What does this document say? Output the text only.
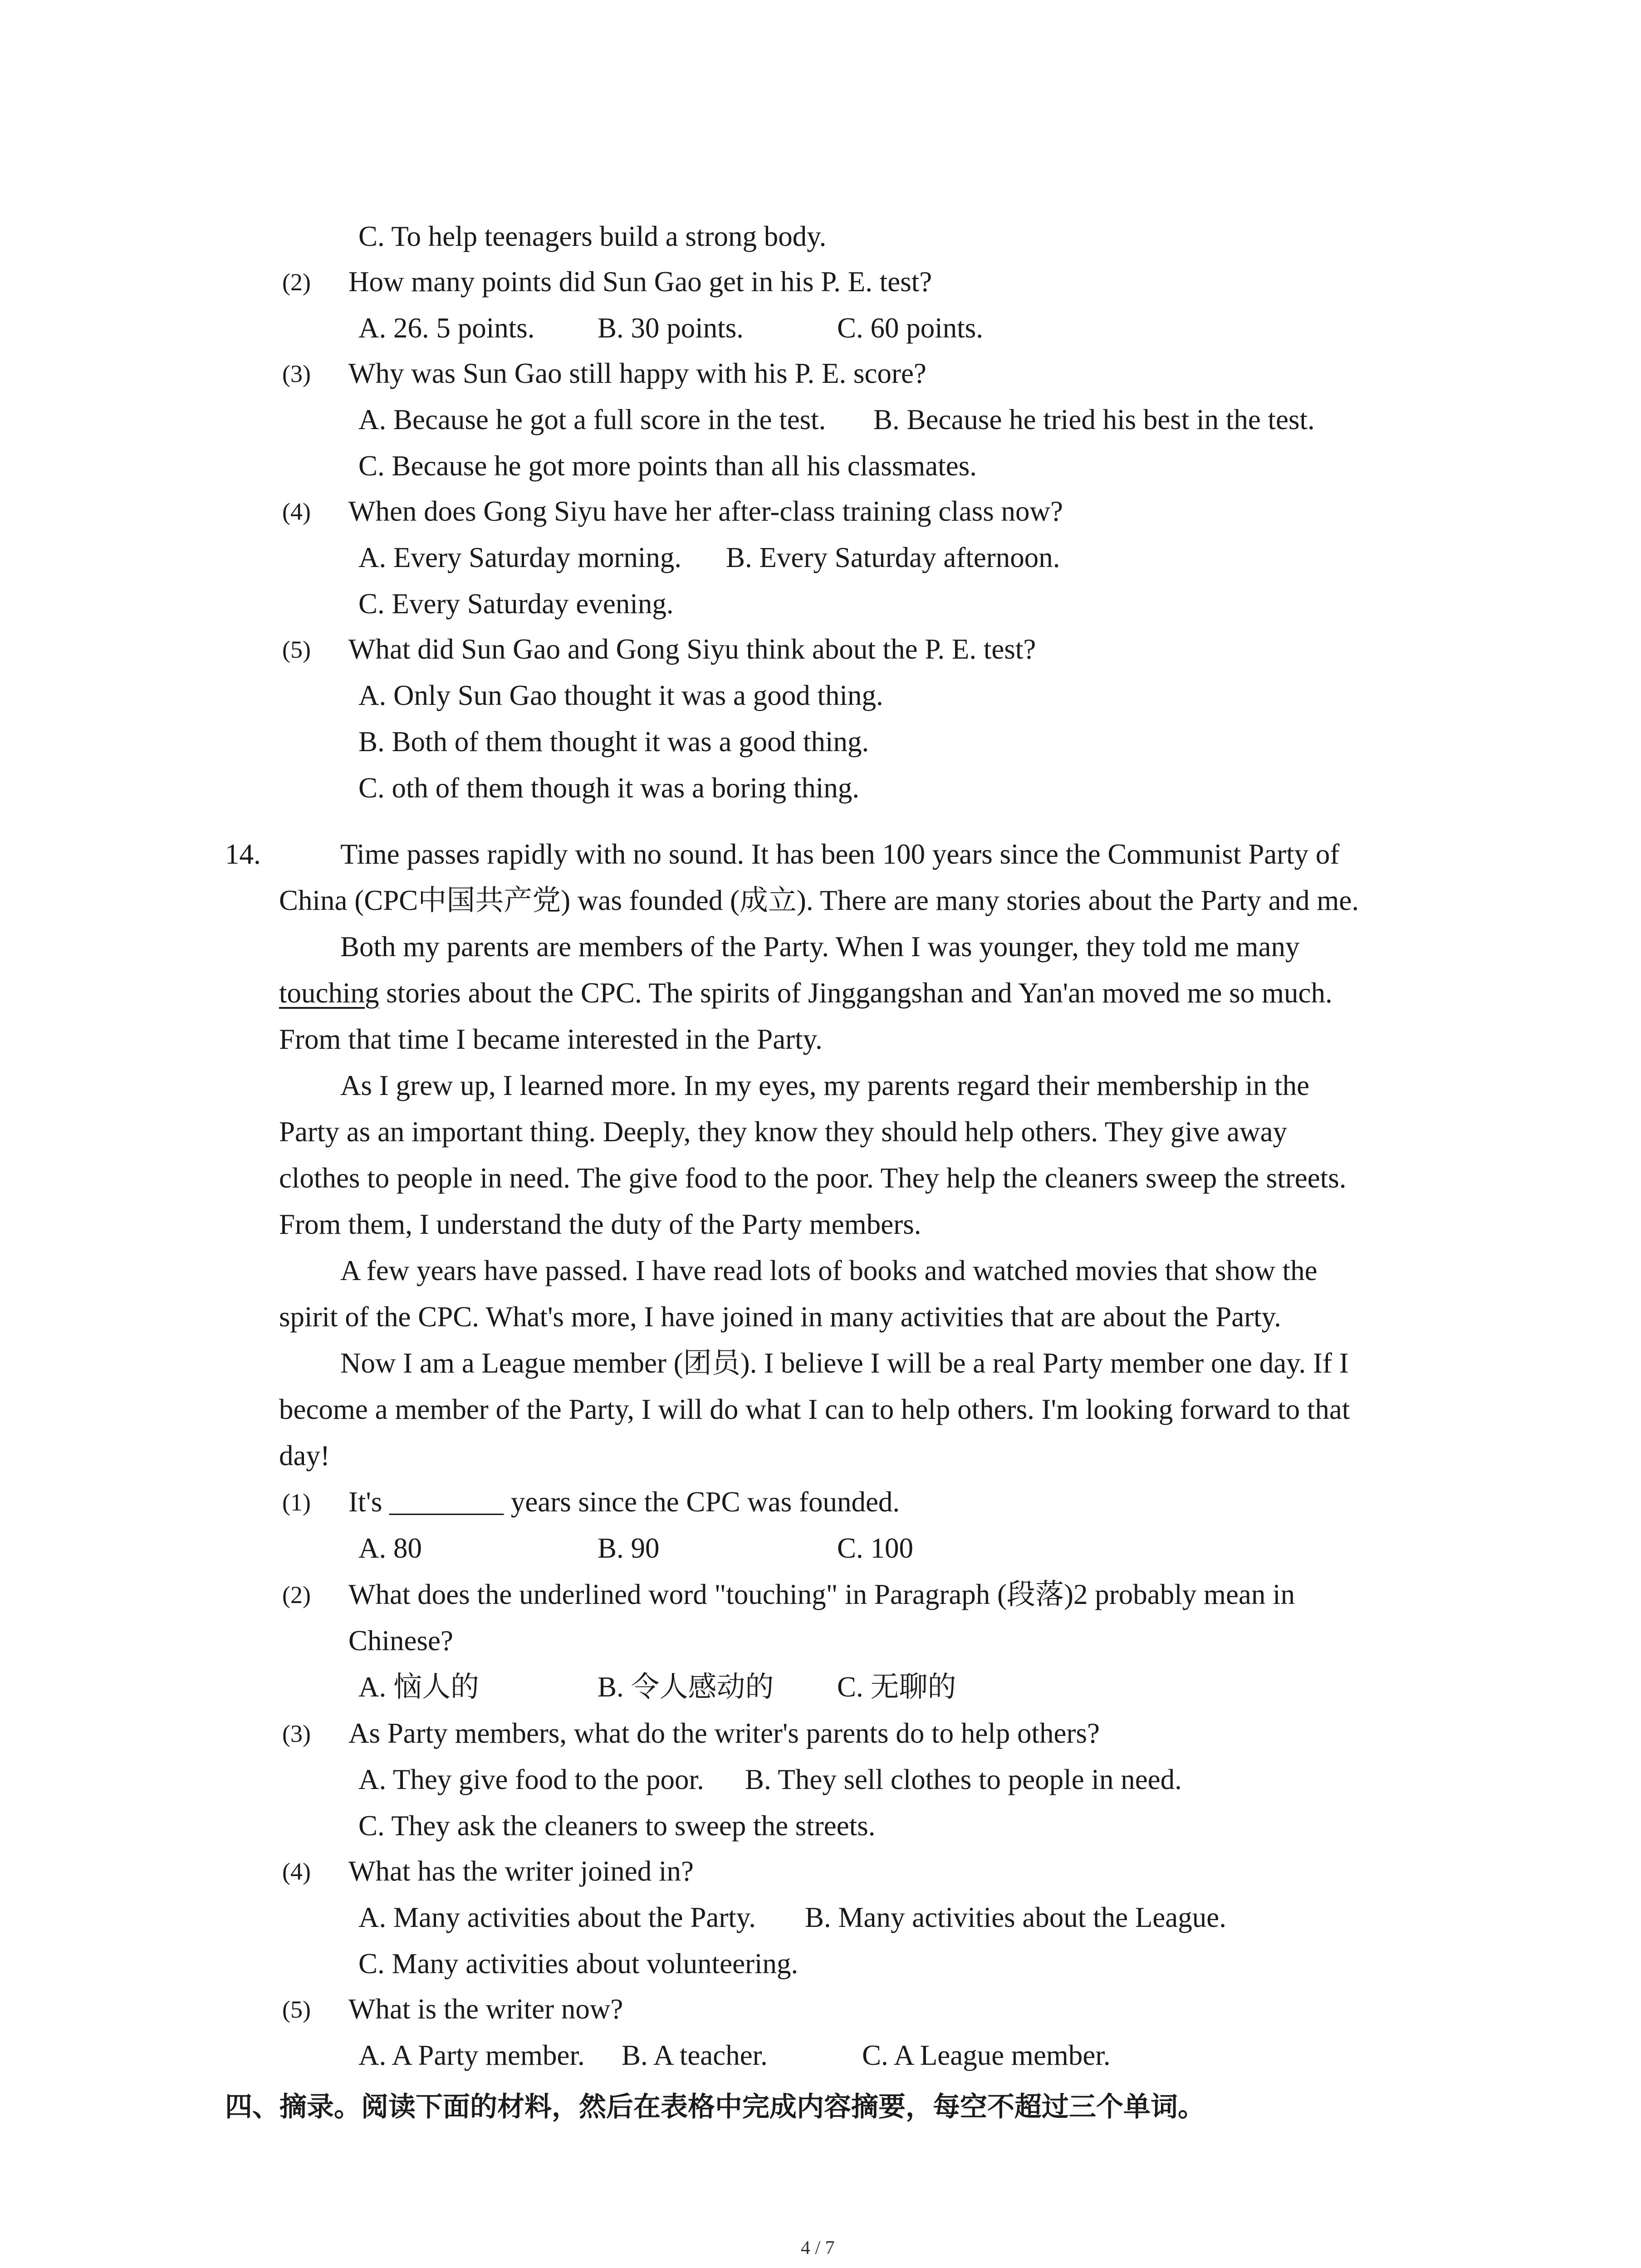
C. To help teenagers build a strong body.
(2) How many points did Sun Gao get in his P. E. test?
A. 26. 5 points. B. 30 points.	C. 60 points.
(3) Why was Sun Gao still happy with his P. E. score?
A. Because he got a full score in the test. B. Because he tried his best in the test.
C. Because he got more points than all his classmates.
(4) When does Gong Siyu have her after-class training class now?
A. Every Saturday morning. B. Every Saturday afternoon.
C. Every Saturday evening.
(5) What did Sun Gao and Gong Siyu think about the P. E. test?
A. Only Sun Gao thought it was a good thing.
B. Both of them thought it was a good thing.
C. oth of them though it was a boring thing.
14.	Time passes rapidly with no sound. It has been 100 years since the Communist Party of
China (CPC中国共产党) was founded (成立). There are many stories about the Party and me.
Both my parents are members of the Party. When I was younger, they told me many
touching stories about the CPC. The spirits of Jinggangshan and Yan'an moved me so much.
From that time I became interested in the Party.
As I grew up, I learned more. In my eyes, my parents regard their membership in the
Party as an important thing. Deeply, they know they should help others. They give away
clothes to people in need. The give food to the poor. They help the cleaners sweep the streets.
From them, I understand the duty of the Party members.
A few years have passed. I have read lots of books and watched movies that show the
spirit of the CPC. What's more, I have joined in many activities that are about the Party.
Now I am a League member (团员). I believe I will be a real Party member one day. If I
become a member of the Party, I will do what I can to help others. I'm looking forward to that
day!
(1) It's ________ years since the CPC was founded.
A. 80	B. 90	C. 100
(2) What does the underlined word "touching" in Paragraph (段落)2 probably mean in
Chinese?
A. 恼人的	B. 令人感动的 C. 无聊的
(3) As Party members, what do the writer's parents do to help others?
A. They give food to the poor. B. They sell clothes to people in need.
C. They ask the cleaners to sweep the streets.
(4) What has the writer joined in?
A. Many activities about the Party. B. Many activities about the League.
C. Many activities about volunteering.
(5) What is the writer now?
A. A Party member. B. A teacher.	C. A League member.
四、摘录。阅读下面的材料，然后在表格中完成内容摘要，每空不超过三个单词。
4 / 7
